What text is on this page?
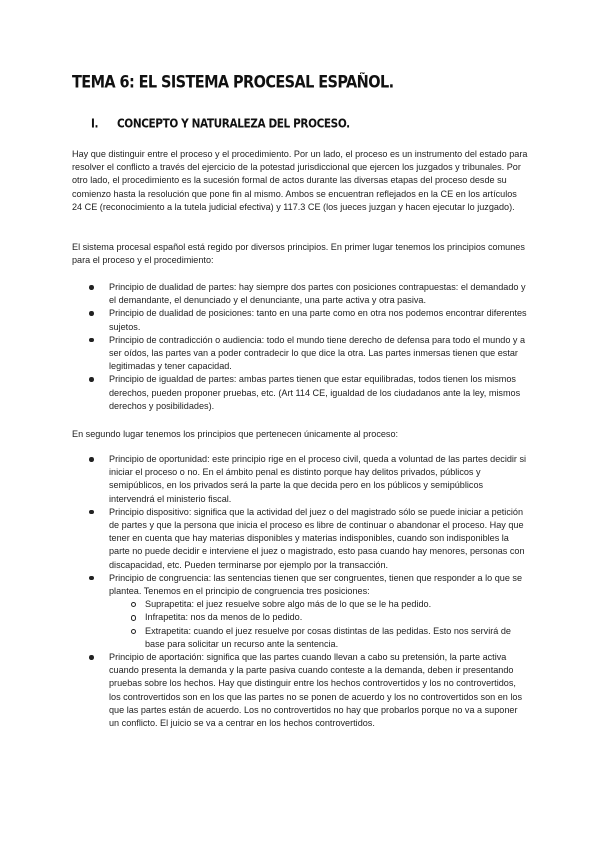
TEMA 6: EL SISTEMA PROCESAL ESPAÑOL.
I. CONCEPTO Y NATURALEZA DEL PROCESO.

Hay que distinguir entre el proceso y el procedimiento. Por un lado, el proceso es un instrumento del estado para resolver el conflicto a través del ejercicio de la potestad jurisdiccional que ejercen los juzgados y tribunales. Por otro lado, el procedimiento es la sucesión formal de actos durante las diversas etapas del proceso desde su comienzo hasta la resolución que pone fin al mismo. Ambos se encuentran reflejados en la CE en los artículos 24 CE (reconocimiento a la tutela judicial efectiva) y 117.3 CE (los jueces juzgan y hacen ejecutar lo juzgado).

El sistema procesal español está regido por diversos principios. En primer lugar tenemos los principios comunes para el proceso y el procedimiento:

Principio de dualidad de partes: hay siempre dos partes con posiciones contrapuestas: el demandado y el demandante, el denunciado y el denunciante, una parte activa y otra pasiva.
Principio de dualidad de posiciones: tanto en una parte como en otra nos podemos encontrar diferentes sujetos.
Principio de contradicción o audiencia: todo el mundo tiene derecho de defensa para todo el mundo y a ser oídos, las partes van a poder contradecir lo que dice la otra. Las partes inmersas tienen que estar legitimadas y tener capacidad.
Principio de igualdad de partes: ambas partes tienen que estar equilibradas, todos tienen los mismos derechos, pueden proponer pruebas, etc. (Art 114 CE, igualdad de los ciudadanos ante la ley, mismos derechos y posibilidades).

En segundo lugar tenemos los principios que pertenecen únicamente al proceso:

Principio de oportunidad: este principio rige en el proceso civil, queda a voluntad de las partes decidir si iniciar el proceso o no. En el ámbito penal es distinto porque hay delitos privados, públicos y semipúblicos, en los privados será la parte la que decida pero en los públicos y semipúblicos intervendrá el ministerio fiscal.
Principio dispositivo: significa que la actividad del juez o del magistrado sólo se puede iniciar a petición de partes y que la persona que inicia el proceso es libre de continuar o abandonar el proceso. Hay que tener en cuenta que hay materias disponibles y materias indisponibles, cuando son indisponibles la parte no puede decidir e interviene el juez o magistrado, esto pasa cuando hay menores, personas con discapacidad, etc. Pueden terminarse por ejemplo por la transacción.
Principio de congruencia: las sentencias tienen que ser congruentes, tienen que responder a lo que se plantea. Tenemos en el principio de congruencia tres posiciones:
Suprapetita: el juez resuelve sobre algo más de lo que se le ha pedido.
Infrapetita: nos da menos de lo pedido.
Extrapetita: cuando el juez resuelve por cosas distintas de las pedidas. Esto nos servirá de base para solicitar un recurso ante la sentencia.
Principio de aportación: significa que las partes cuando llevan a cabo su pretensión, la parte activa cuando presenta la demanda y la parte pasiva cuando conteste a la demanda, deben ir presentando pruebas sobre los hechos. Hay que distinguir entre los hechos controvertidos y los no controvertidos, los controvertidos son en los que las partes no se ponen de acuerdo y los no controvertidos son en los que las partes están de acuerdo. Los no controvertidos no hay que probarlos porque no va a suponer un conflicto. El juicio se va a centrar en los hechos controvertidos.
